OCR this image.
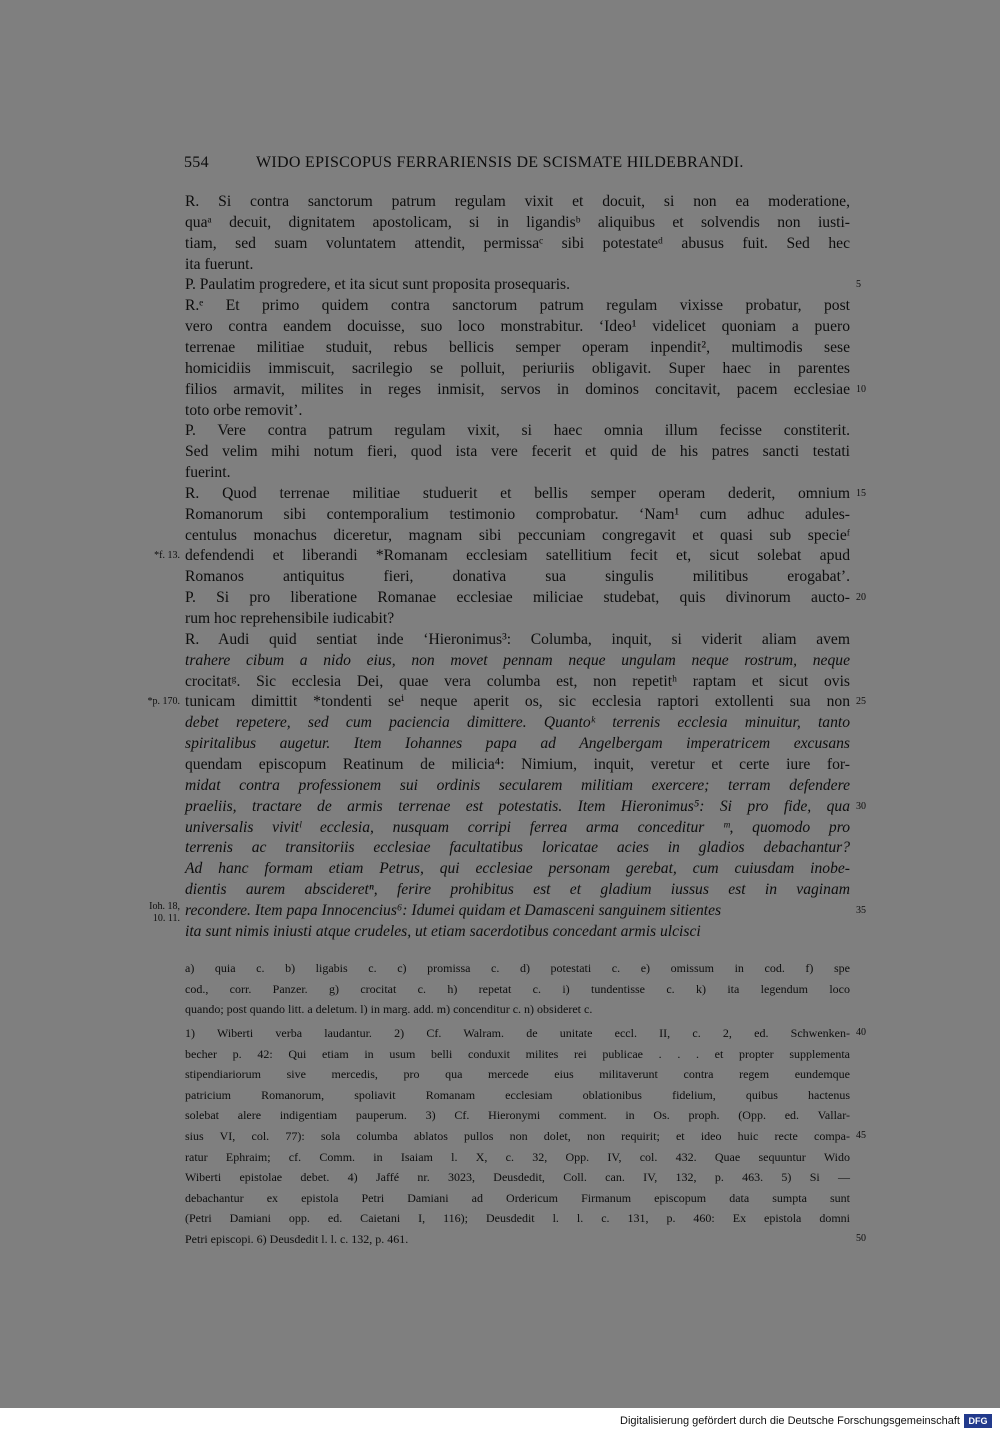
554	WIDO EPISCOPUS FERRARIENSIS DE SCISMATE HILDEBRANDI.
R. Si contra sanctorum patrum regulam vixit et docuit, si non ea moderatione,
quaᵃ decuit, dignitatem apostolicam, si in ligandisᵇ aliquibus et solvendis non iusti-
tiam, sed suam voluntatem attendit, permissaᶜ sibi potestateᵈ abusus fuit. Sed hec
ita fuerunt.
P. Paulatim progredere, et ita sicut sunt proposita prosequaris.
R.ᵉ Et primo quidem contra sanctorum patrum regulam vixisse probatur, post
vero contra eandem docuisse, suo loco monstrabitur. ʻIdeo¹ videlicet quoniam a puero
terrenae militiae studuit, rebus bellicis semper operam inpendit², multimodis sese
homicidiis immiscuit, sacrilegio se polluit, periuriis obligavit. Super haec in parentes
filios armavit, milites in reges inmisit, servos in dominos concitavit, pacem ecclesiae
toto orbe removitʼ.
P. Vere contra patrum regulam vixit, si haec omnia illum fecisse constiterit.
Sed velim mihi notum fieri, quod ista vere fecerit et quid de his patres sancti testati
fuerint.
R. Quod terrenae militiae studuerit et bellis semper operam dederit, omnium
Romanorum sibi contemporalium testimonio comprobatur. ʻNam¹ cum adhuc adules-
centulus monachus diceretur, magnam sibi peccuniam congregavit et quasi sub specieᶠ
defendendi et liberandi *Romanam ecclesiam satellitium fecit et, sicut solebat apud
Romanos antiquitus fieri, donativa sua singulis militibus erogabatʼ.
P. Si pro liberatione Romanae ecclesiae miliciae studebat, quis divinorum aucto-
rum hoc reprehensibile iudicabit?
R. Audi quid sentiat inde ʻHieronimus³: Columba, inquit, si viderit aliam avem
trahere cibum a nido eius, non movet pennam neque ungulam neque rostrum, neque
crocitatᵍ. Sic ecclesia Dei, quae vera columba est, non repetitʰ raptam et sicut ovis
tunicam dimittit *tondenti seⁱ neque aperit os, sic ecclesia raptori extollenti sua non
debet repetere, sed cum paciencia dimittere. Quantoᵏ terrenis ecclesia minuitur, tanto
spiritalibus augetur. Item Iohannes papa ad Angelbergam imperatricem excusans
quendam episcopum Reatinum de milicia⁴: Nimium, inquit, veretur et certe iure for-
midat contra professionem sui ordinis secularem militiam exercere; terram defendere
praeliis, tractare de armis terrenae est potestatis. Item Hieronimus⁵: Si pro fide, qua
universalis vivitˡ ecclesia, nusquam corripi ferrea arma conceditur ᵐ, quomodo pro
terrenis ac transitoriis ecclesiae facultatibus loricatae acies in gladios debachantur?
Ad hanc formam etiam Petrus, qui ecclesiae personam gerebat, cum cuiusdam inobe-
dientis aurem abscideretⁿ, ferire prohibitus est et gladium iussus est in vaginam
recondere. Item papa Innocencius⁶: Idumei quidam et Damasceni sanguinem sitientes
ita sunt nimis iniusti atque crudeles, ut etiam sacerdotibus concedant armis ulcisci
5
10
15
20
25
30
35
*f. 13.
*p. 170.
Ioh. 18,
10. 11.
a) quia c. b) ligabis c. c) promissa c. d) potestati c. e) omissum in cod. f) spe
cod., corr. Panzer. g) crocitat c. h) repetat c. i) tundentisse c. k) ita legendum loco
quando; post quando litt. a deletum. l) in marg. add. m) concenditur c. n) obsideret c.
1) Wiberti verba laudantur. 2) Cf. Walram. de unitate eccl. II, c. 2, ed. Schwenken-
becher p. 42: Qui etiam in usum belli conduxit milites rei publicae . . . et propter supplementa
stipendiariorum sive mercedis, pro qua mercede eius militaverunt contra regem eundemque
patricium Romanorum, spoliavit Romanam ecclesiam oblationibus fidelium, quibus hactenus
solebat alere indigentiam pauperum. 3) Cf. Hieronymi comment. in Os. proph. (Opp. ed. Vallar-
sius VI, col. 77): sola columba ablatos pullos non dolet, non requirit; et ideo huic recte compa-
ratur Ephraim; cf. Comm. in Isaiam l. X, c. 32, Opp. IV, col. 432. Quae sequuntur Wido
Wiberti epistolae debet. 4) Jaffé nr. 3023, Deusdedit, Coll. can. IV, 132, p. 463. 5) Si —
debachantur ex epistola Petri Damiani ad Ordericum Firmanum episcopum data sumpta sunt
(Petri Damiani opp. ed. Caietani I, 116); Deusdedit l. l. c. 131, p. 460: Ex epistola domni
Petri episcopi. 6) Deusdedit l. l. c. 132, p. 461.
40
45
50
Digitalisierung gefördert durch die Deutsche Forschungsgemeinschaft DFG
